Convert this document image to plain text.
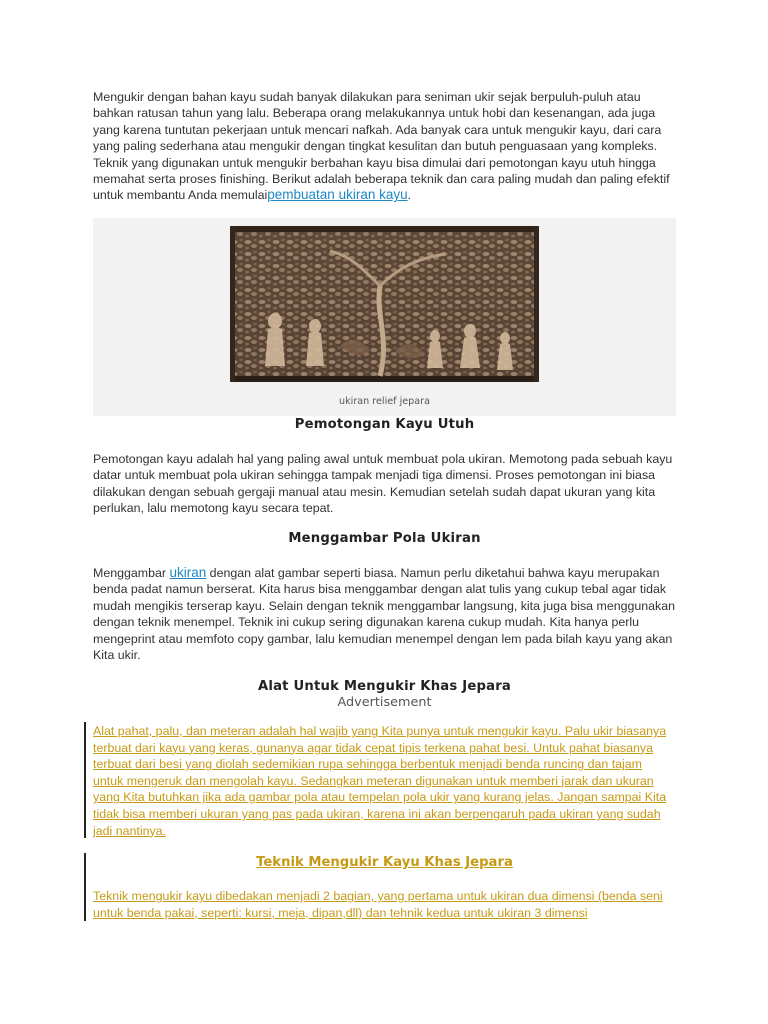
Mengukir dengan bahan kayu sudah banyak dilakukan para seniman ukir sejak berpuluh-puluh atau bahkan ratusan tahun yang lalu. Beberapa orang melakukannya untuk hobi dan kesenangan, ada juga yang karena tuntutan pekerjaan untuk mencari nafkah. Ada banyak cara untuk mengukir kayu, dari cara yang paling sederhana atau mengukir dengan tingkat kesulitan dan butuh penguasaan yang kompleks. Teknik yang digunakan untuk mengukir berbahan kayu bisa dimulai dari pemotongan kayu utuh hingga memahat serta proses finishing. Berikut adalah beberapa teknik dan cara paling mudah dan paling efektif untuk membantu Anda memulaipembuatan ukiran kayu.

ukiran relief jepara
Pemotongan Kayu Utuh

Pemotongan kayu adalah hal yang paling awal untuk membuat pola ukiran. Memotong pada sebuah kayu datar untuk membuat pola ukiran sehingga tampak menjadi tiga dimensi. Proses pemotongan ini biasa dilakukan dengan sebuah gergaji manual atau mesin. Kemudian setelah sudah dapat ukuran yang kita perlukan, lalu memotong kayu secara tepat.

Menggambar Pola Ukiran

Menggambar ukiran dengan alat gambar seperti biasa. Namun perlu diketahui bahwa kayu merupakan benda padat namun berserat. Kita harus bisa menggambar dengan alat tulis yang cukup tebal agar tidak mudah mengikis terserap kayu. Selain dengan teknik menggambar langsung, kita juga bisa menggunakan dengan teknik menempel. Teknik ini cukup sering digunakan karena cukup mudah. Kita hanya perlu mengeprint atau memfoto copy gambar, lalu kemudian menempel dengan lem pada bilah kayu yang akan Kita ukir.

Alat Untuk Mengukir Khas Jepara
Advertisement

Alat pahat, palu, dan meteran adalah hal wajib yang Kita punya untuk mengukir kayu. Palu ukir biasanya terbuat dari kayu yang keras, gunanya agar tidak cepat tipis terkena pahat besi. Untuk pahat biasanya terbuat dari besi yang diolah sedemikian rupa sehingga berbentuk menjadi benda runcing dan tajam untuk mengeruk dan mengolah kayu. Sedangkan meteran digunakan untuk memberi jarak dan ukuran yang Kita butuhkan jika ada gambar pola atau tempelan pola ukir yang kurang jelas. Jangan sampai Kita tidak bisa memberi ukuran yang pas pada ukiran, karena ini akan berpengaruh pada ukiran yang sudah jadi nantinya.

Teknik Mengukir Kayu Khas Jepara

Teknik mengukir kayu dibedakan menjadi 2 bagian, yang pertama untuk ukiran dua dimensi (benda seni untuk benda pakai, seperti: kursi, meja, dipan,dll) dan tehnik kedua untuk ukiran 3 dimensi
